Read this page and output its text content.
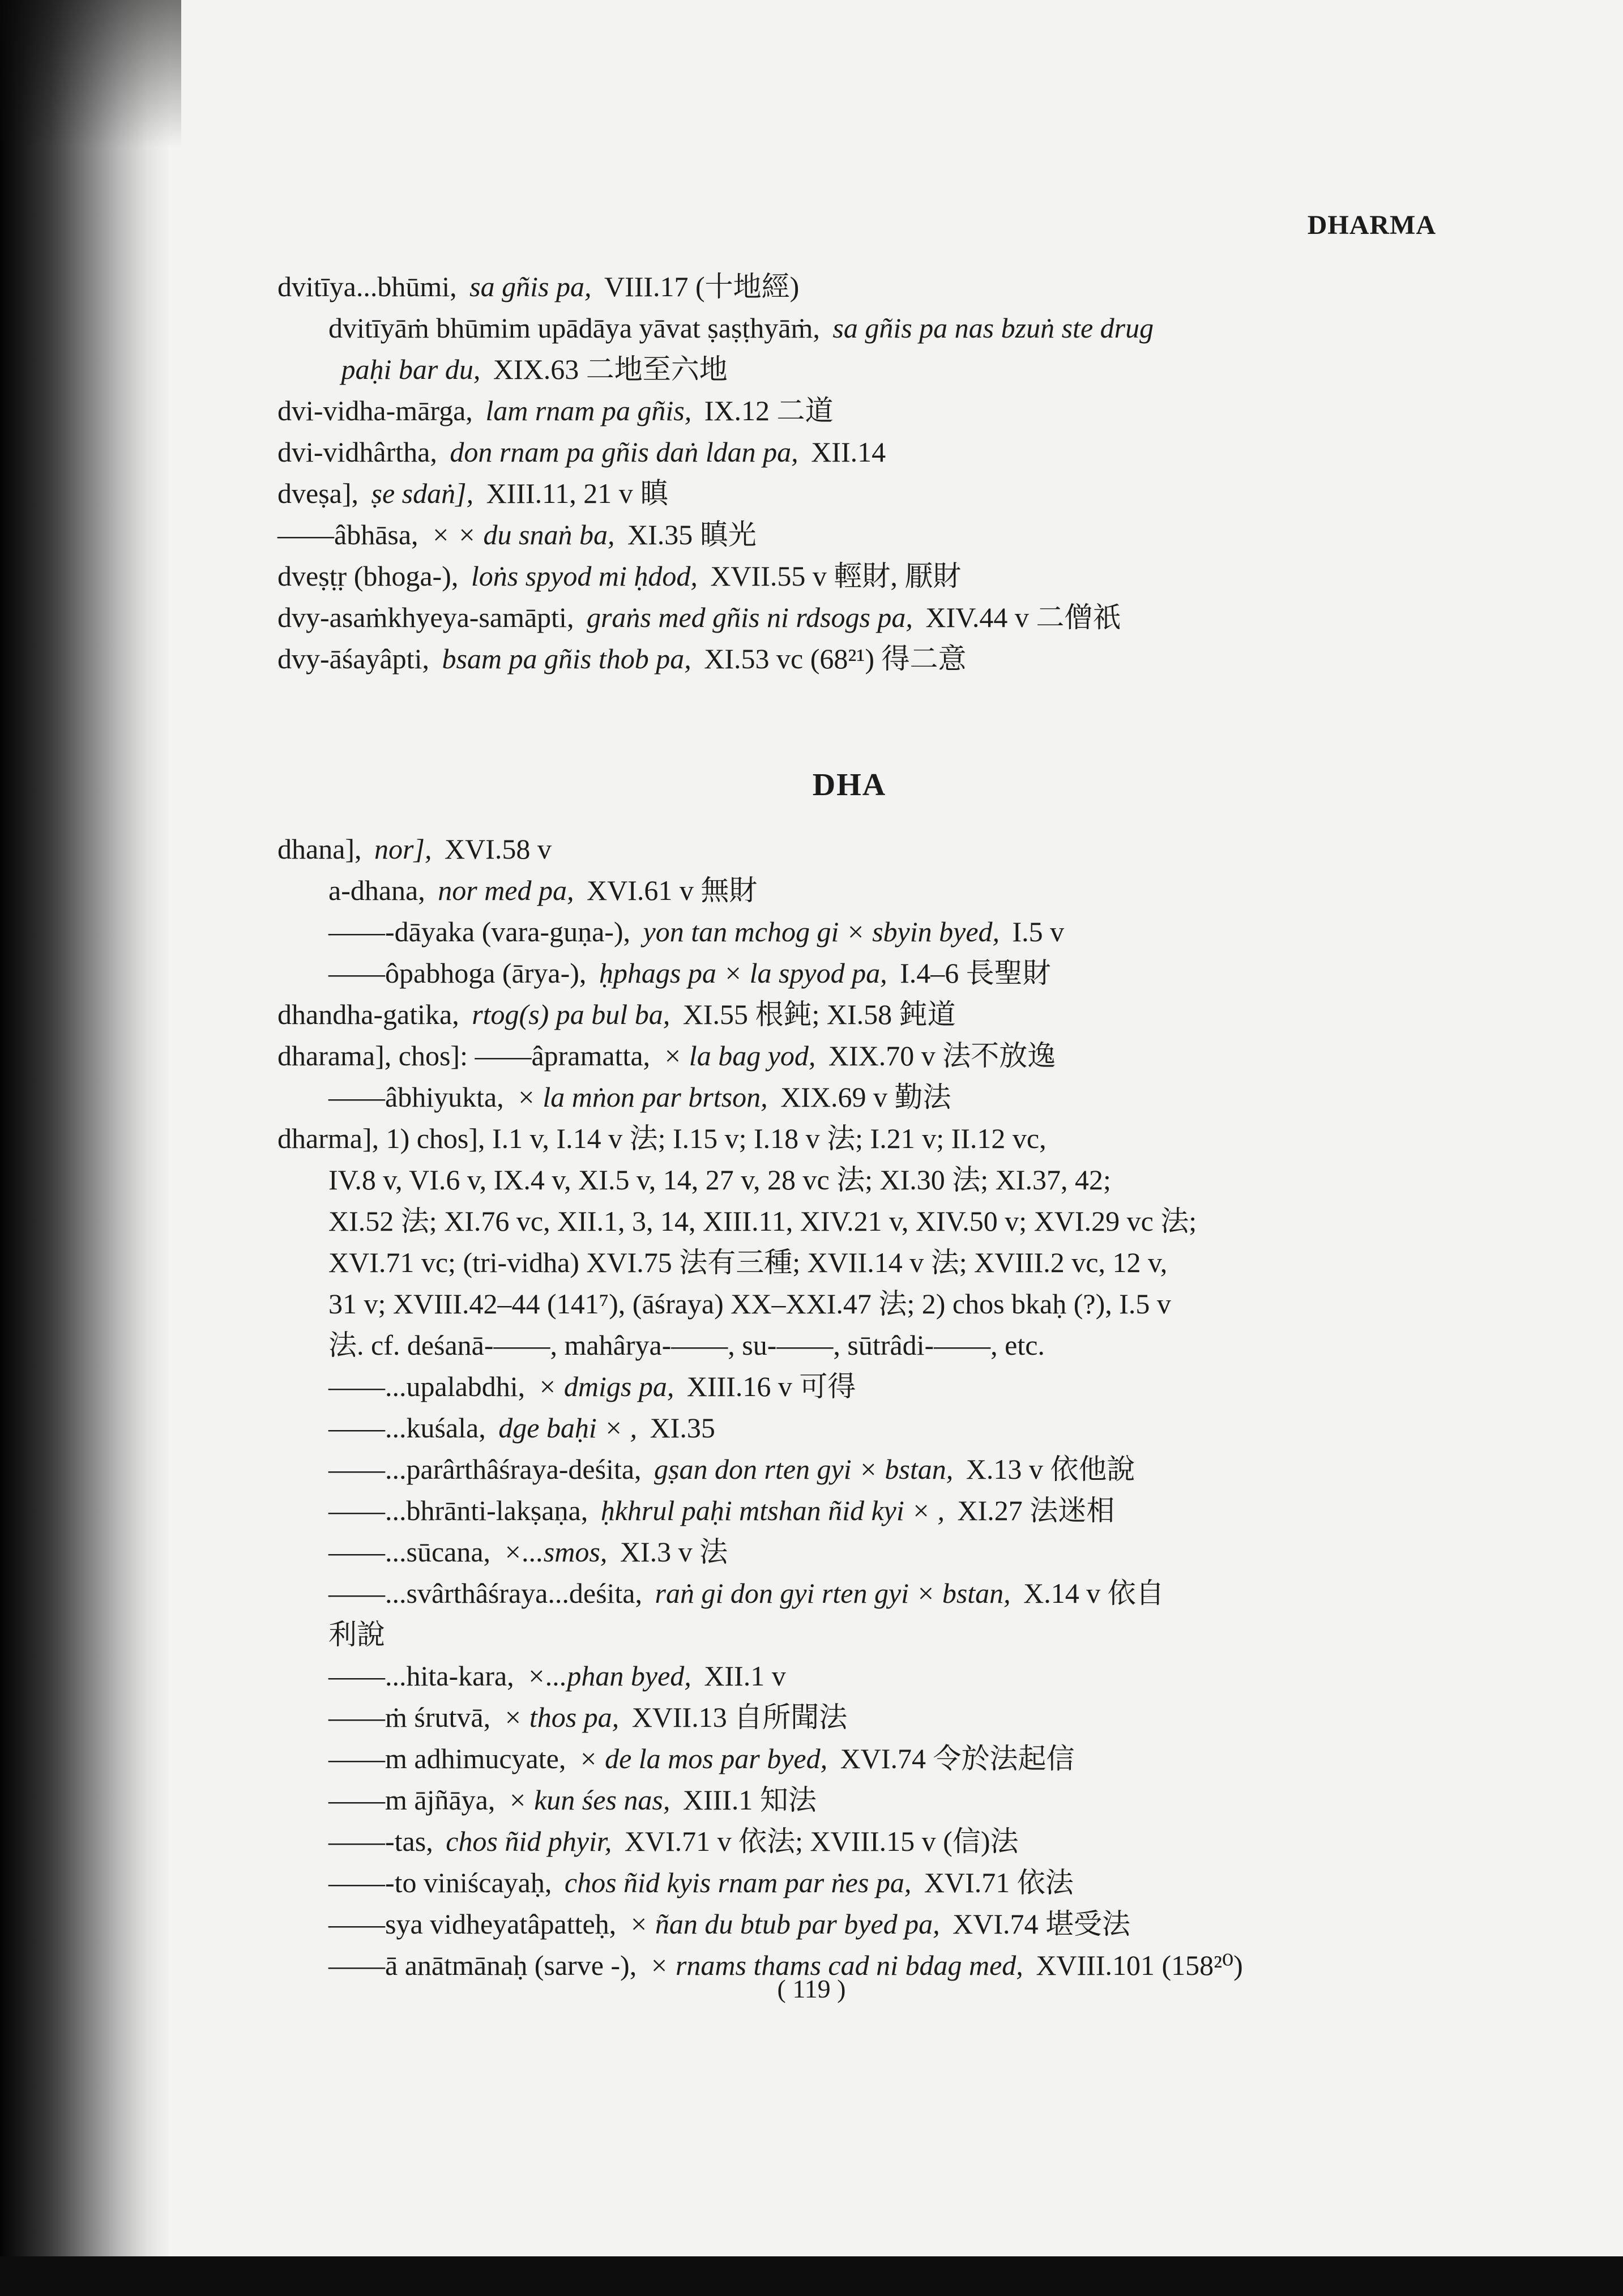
DHARMA
dvitīya...bhūmi, sa gñis pa, VIII.17 (十地經)
dvitīyāṁ bhūmim upādāya yāvat ṣaṣṭhyāṁ, sa gñis pa nas bzuṅ ste drug
paḥi bar du, XIX.63 二地至六地
dvi-vidha-mārga, lam rnam pa gñis, IX.12 二道
dvi-vidhârtha, don rnam pa gñis daṅ ldan pa, XII.14
dveṣa], ṣe sdaṅ], XIII.11, 21 v 瞋
——âbhāsa, × × du snaṅ ba, XI.35 瞋光
dveṣṭṛ (bhoga-), loṅs spyod mi ḥdod, XVII.55 v 輕財, 厭財
dvy-asaṁkhyeya-samāpti, graṅs med gñis ni rdsogs pa, XIV.44 v 二僧祇
dvy-āśayâpti, bsam pa gñis thob pa, XI.53 vc (68²¹) 得二意
DHA
dhana], nor], XVI.58 v
a-dhana, nor med pa, XVI.61 v 無財
——-dāyaka (vara-guṇa-), yon tan mchog gi × sbyin byed, I.5 v
——ôpabhoga (ārya-), ḥphags pa × la spyod pa, I.4–6 長聖財
dhandha-gatika, rtog(s) pa bul ba, XI.55 根鈍; XI.58 鈍道
dharama], chos]: ——âpramatta, × la bag yod, XIX.70 v 法不放逸
——âbhiyukta, × la mṅon par brtson, XIX.69 v 勤法
dharma], 1) chos], I.1 v, I.14 v 法; I.15 v; I.18 v 法; I.21 v; II.12 vc,
IV.8 v, VI.6 v, IX.4 v, XI.5 v, 14, 27 v, 28 vc 法; XI.30 法; XI.37, 42;
XI.52 法; XI.76 vc, XII.1, 3, 14, XIII.11, XIV.21 v, XIV.50 v; XVI.29 vc 法;
XVI.71 vc; (tri-vidha) XVI.75 法有三種; XVII.14 v 法; XVIII.2 vc, 12 v,
31 v; XVIII.42–44 (141⁷), (āśraya) XX–XXI.47 法; 2) chos bkaḥ (?), I.5 v
法. cf. deśanā-——, mahârya-——, su-——, sūtrâdi-——, etc.
——...upalabdhi, × dmigs pa, XIII.16 v 可得
——...kuśala, dge baḥi × , XI.35
——...parârthâśraya-deśita, gṣan don rten gyi × bstan, X.13 v 依他說
——...bhrānti-lakṣaṇa, ḥkhrul paḥi mtshan ñid kyi × , XI.27 法迷相
——...sūcana, ×...smos, XI.3 v 法
——...svârthâśraya...deśita, raṅ gi don gyi rten gyi × bstan, X.14 v 依自
利說
——...hita-kara, ×...phan byed, XII.1 v
——ṁ śrutvā, × thos pa, XVII.13 自所聞法
——m adhimucyate, × de la mos par byed, XVI.74 令於法起信
——m ājñāya, × kun śes nas, XIII.1 知法
——-tas, chos ñid phyir, XVI.71 v 依法; XVIII.15 v (信)法
——-to viniścayaḥ, chos ñid kyis rnam par ṅes pa, XVI.71 依法
——sya vidheyatâpatteḥ, × ñan du btub par byed pa, XVI.74 堪受法
——ā anātmānaḥ (sarve -), × rnams thams cad ni bdag med, XVIII.101 (158²⁰)
( 119 )
